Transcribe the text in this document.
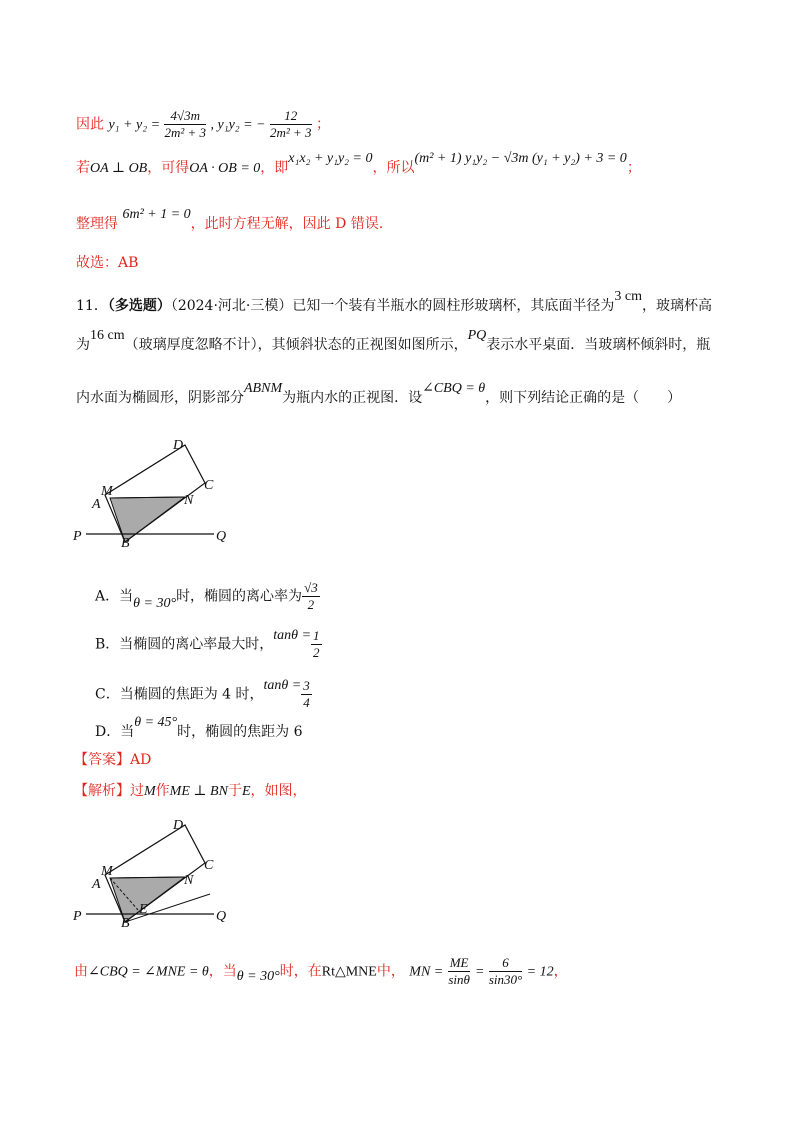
因此 $y_1 + y_2 = \frac{4√3m}{\text{2m² + 3}}$ , y₁y₂ = − $\frac{12}{\text{2m² + 3}}$ ；
若OA ⊥ OB，可得OA · OB = 0，即x₁x₂ + y₁y₂ = 0，所以(m² + 1) y₁y₂ − √3m (y₁ + y₂) + 3 = 0；
整理得 6m² + 1 = 0，此时方程无解，因此 D 错误.
故选：AB
11．（多选题）（2024·河北·三模）已知一个装有半瓶水的圆柱形玻璃杯，其底面半径为3 cm，玻璃杯高
为16 cm（玻璃厚度忽略不计），其倾斜状态的正视图如图所示，PQ表示水平桌面．当玻璃杯倾斜时，瓶
内水面为椭圆形，阴影部分ABNM为瓶内水的正视图．设∠CBQ = θ，则下列结论正确的是（　　）
D
C
M
A	N
P	B	Q
A．当θ = 30°时，椭圆的离心率为 $\frac{√3}{2}$
B．当椭圆的离心率最大时，$\tan\theta = \frac{1}{2}$
C．当椭圆的焦距为 4 时，$\tan\theta = \frac{3}{4}$
D．当θ = 45°时，椭圆的焦距为 6
【答案】AD
【解析】过M作ME ⊥ BN于E，如图，
D
C
M
A	N
E
P	B	Q
由∠CBQ = ∠MNE = θ，当θ = 30°时，在Rt△MNE中， MN = $\frac{ME}{\sin\theta} = \frac{6}{\sin 30^\circ} = 12$，
